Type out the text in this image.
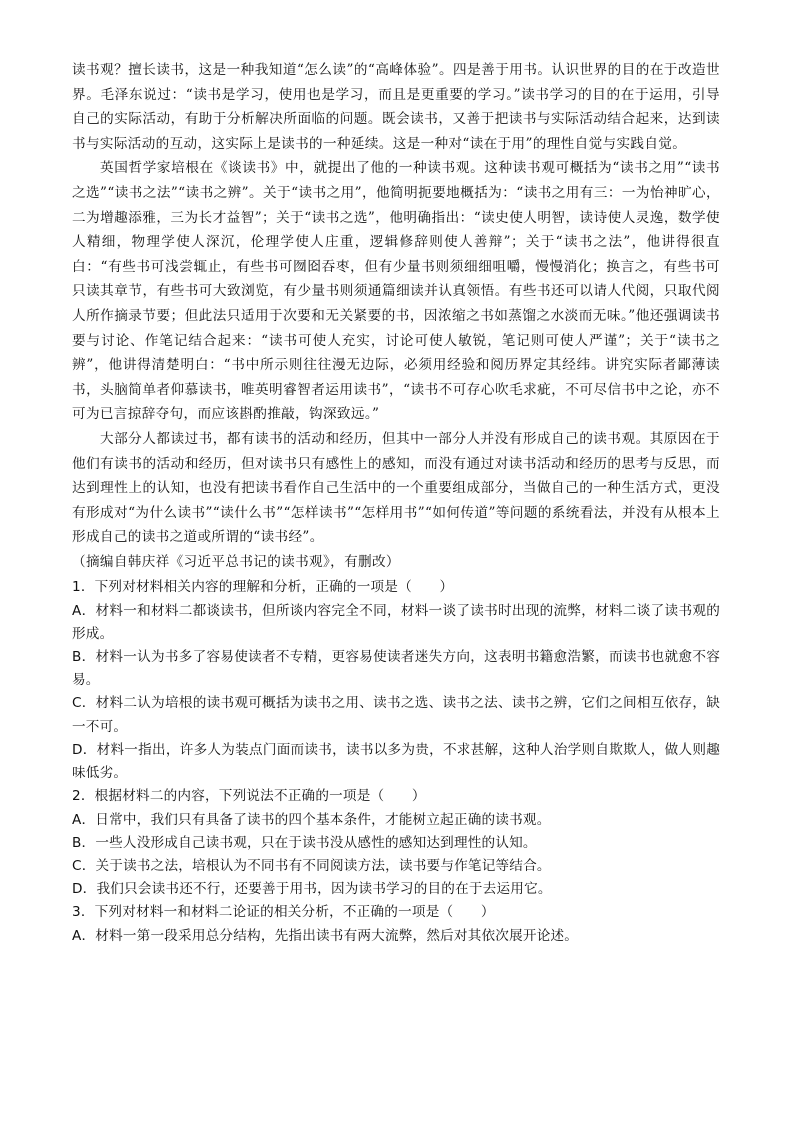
读书观？擅长读书，这是一种我知道“怎么读”的“高峰体验”。四是善于用书。认识世界的目的在于改造世界。毛泽东说过：“读书是学习，使用也是学习，而且是更重要的学习。”读书学习的目的在于运用，引导自己的实际活动，有助于分析解决所面临的问题。既会读书，又善于把读书与实际活动结合起来，达到读书与实际活动的互动，这实际上是读书的一种延续。这是一种对“读在于用”的理性自觉与实践自觉。

英国哲学家培根在《谈读书》中，就提出了他的一种读书观。这种读书观可概括为“读书之用”“读书之选”“读书之法”“读书之辨”。关于“读书之用”，他简明扼要地概括为：“读书之用有三：一为怡神旷心，二为增趣添雅，三为长才益智”；关于“读书之选”，他明确指出：“读史使人明智，读诗使人灵逸，数学使人精细，物理学使人深沉，伦理学使人庄重，逻辑修辞则使人善辩”；关于“读书之法”，他讲得很直白：“有些书可浅尝辄止，有些书可囫囵吞枣，但有少量书则须细细咀嚼，慢慢消化；换言之，有些书可只读其章节，有些书可大致浏览，有少量书则须通篇细读并认真领悟。有些书还可以请人代阅，只取代阅人所作摘录节要；但此法只适用于次要和无关紧要的书，因浓缩之书如蒸馏之水淡而无味。”他还强调读书要与讨论、作笔记结合起来：“读书可使人充实，讨论可使人敏锐，笔记则可使人严谨”；关于“读书之辨”，他讲得清楚明白：“书中所示则往往漫无边际，必须用经验和阅历界定其经纬。讲究实际者鄙薄读书，头脑简单者仰慕读书，唯英明睿智者运用读书”，“读书不可存心吹毛求疵，不可尽信书中之论，亦不可为已言掠辞夺句，而应该斟酌推敲，钩深致远。”

大部分人都读过书，都有读书的活动和经历，但其中一部分人并没有形成自己的读书观。其原因在于他们有读书的活动和经历，但对读书只有感性上的感知，而没有通过对读书活动和经历的思考与反思，而达到理性上的认知，也没有把读书看作自己生活中的一个重要组成部分，当做自己的一种生活方式，更没有形成对“为什么读书”“读什么书”“怎样读书”“怎样用书”“如何传道”等问题的系统看法，并没有从根本上形成自己的读书之道或所谓的“读书经”。

（摘编自韩庆祥《习近平总书记的读书观》，有删改）

1．下列对材料相关内容的理解和分析，正确的一项是（　　）

A．材料一和材料二都谈读书，但所谈内容完全不同，材料一谈了读书时出现的流弊，材料二谈了读书观的形成。

B．材料一认为书多了容易使读者不专精，更容易使读者迷失方向，这表明书籍愈浩繁，而读书也就愈不容易。

C．材料二认为培根的读书观可概括为读书之用、读书之选、读书之法、读书之辨，它们之间相互依存，缺一不可。

D．材料一指出，许多人为装点门面而读书，读书以多为贵，不求甚解，这种人治学则自欺欺人，做人则趣味低劣。

2．根据材料二的内容，下列说法不正确的一项是（　　）

A．日常中，我们只有具备了读书的四个基本条件，才能树立起正确的读书观。

B．一些人没形成自己读书观，只在于读书没从感性的感知达到理性的认知。

C．关于读书之法，培根认为不同书有不同阅读方法，读书要与作笔记等结合。

D．我们只会读书还不行，还要善于用书，因为读书学习的目的在于去运用它。

3．下列对材料一和材料二论证的相关分析，不正确的一项是（　　）

A．材料一第一段采用总分结构，先指出读书有两大流弊，然后对其依次展开论述。
